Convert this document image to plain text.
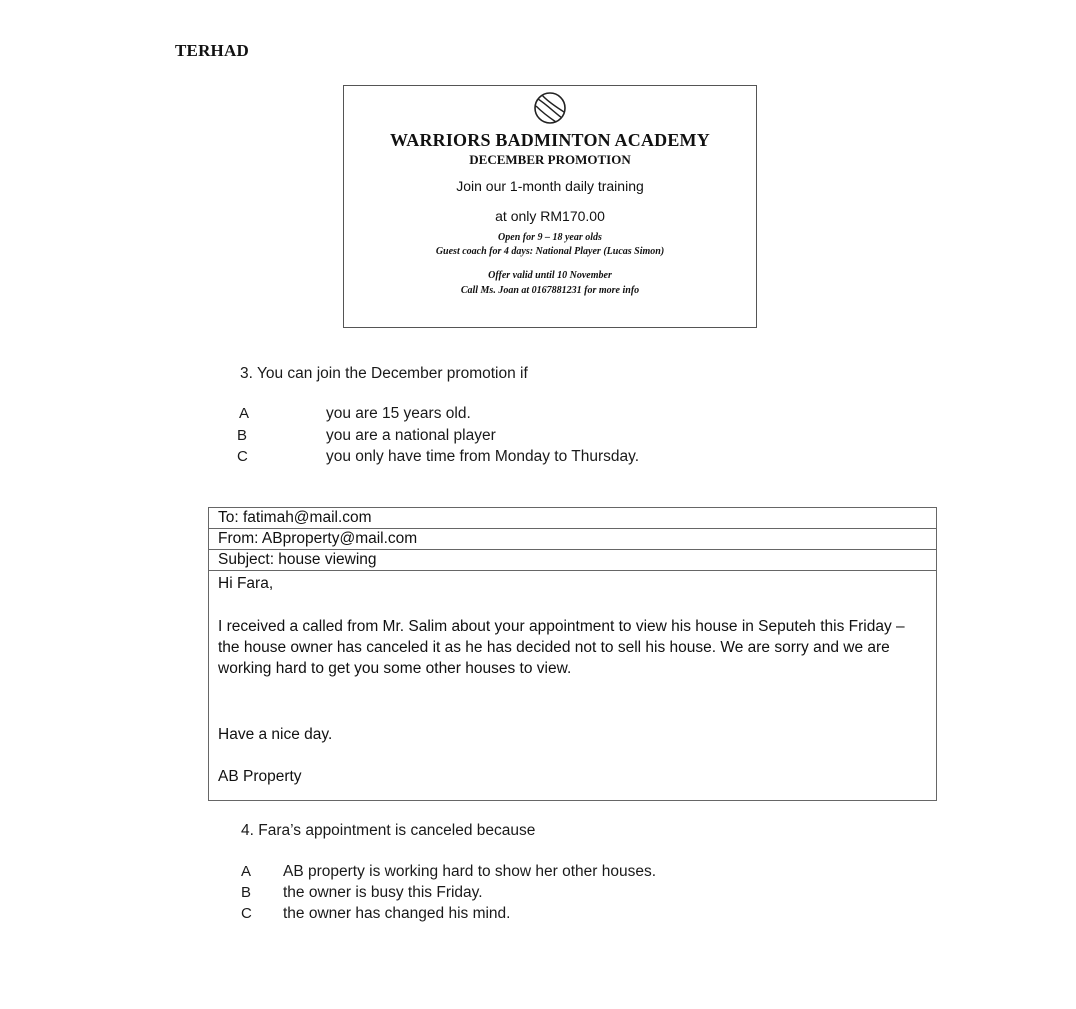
TERHAD
WARRIORS BADMINTON ACADEMY
DECEMBER PROMOTION
Join our 1-month daily training
at only RM170.00
Open for 9 – 18 year olds
Guest coach for 4 days: National Player (Lucas Simon)
Offer valid until 10 November
Call Ms. Joan at 0167881231 for more info
3. You can join the December promotion if
A	you are 15 years old.
B	you are a national player
C	you only have time from Monday to Thursday.
To: fatimah@mail.com
From: ABproperty@mail.com
Subject: house viewing

Hi Fara,

I received a called from Mr. Salim about your appointment to view his house in Seputeh this Friday – the house owner has canceled it as he has decided not to sell his house. We are sorry and we are working hard to get you some other houses to view.

Have a nice day.

AB Property

4. Fara’s appointment is canceled because
A AB property is working hard to show her other houses.
B the owner is busy this Friday.
C the owner has changed his mind.
